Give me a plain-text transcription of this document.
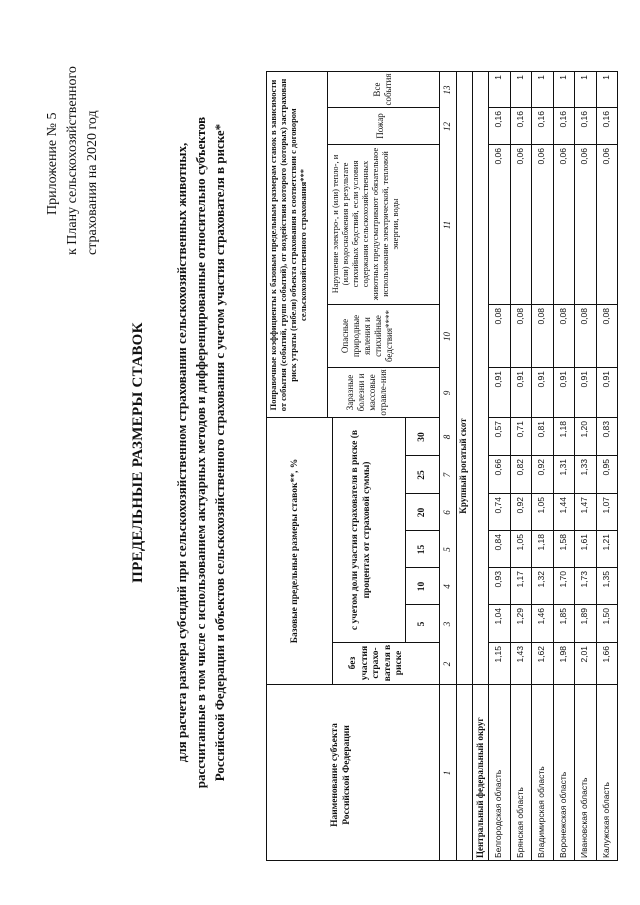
Приложение № 5 к Плану сельскохозяйственного страхования на 2020 год
ПРЕДЕЛЬНЫЕ РАЗМЕРЫ СТАВОК для расчета размера субсидий при сельскохозяйственном страховании сельскохозяйственных животных, рассчитанные в том числе с использованием актуарных методов и дифференцированные относительно субъектов Российской Федерации и объектов сельскохозяйственного страхования с учетом участия страхователя в риске*	Наименование субъекта Российской Федерации
Базовые предельные размеры ставок**, %
без участия страхо-вателя в риске
с учетом доли участия страхователя в риске (в процентах от страховой суммы)
5
10
15
20
25
30
Поправочные коэффициенты к базовым предельным размерам ставок в зависимости от события (событий, групп событий), от воздействия которого (которых) застрахован риск утраты (гибели) объекта страхования в соответствии с договором сельскохозяйственного страхования***
Заразные болезни и массовые отравле-ния
Опасные природные явления и стихийные бедствия****
Нарушение электро-, и (или) тепло-, и (или) водоснабжения в результате стихийных бедствий, если условия содержания сельскохозяйственных животных предусматривают обязательное использование электрической, тепловой энергии, воды
Пожар
Все события
1
2
3
4
5
6
7
8
9
10
11
12
13
Крупный рогатый скот
Центральный федеральный округ Белгородская область
1,15
1,04
0,93
0,84
0,74
0,66
0,57
0,91
0,08
0,06
0,16
1
Брянская область
1,43
1,29
1,17
1,05
0,92
0,82
0,71
0,91
0,08
0,06
0,16
1
Владимирская область
1,62
1,46
1,32
1,18
1,05
0,92
0,81
0,91
0,08
0,06
0,16
1
Воронежская область
1,98
1,85
1,70
1,58
1,44
1,31
1,18
0,91
0,08
0,06
0,16
1
Ивановская область
2,01
1,89
1,73
1,61
1,47
1,33
1,20
0,91
0,08
0,06
0,16
1
Калужская область
1,66
1,50
1,35
1,21
1,07
0,95
0,83
0,91
0,08
0,06
0,16
1
